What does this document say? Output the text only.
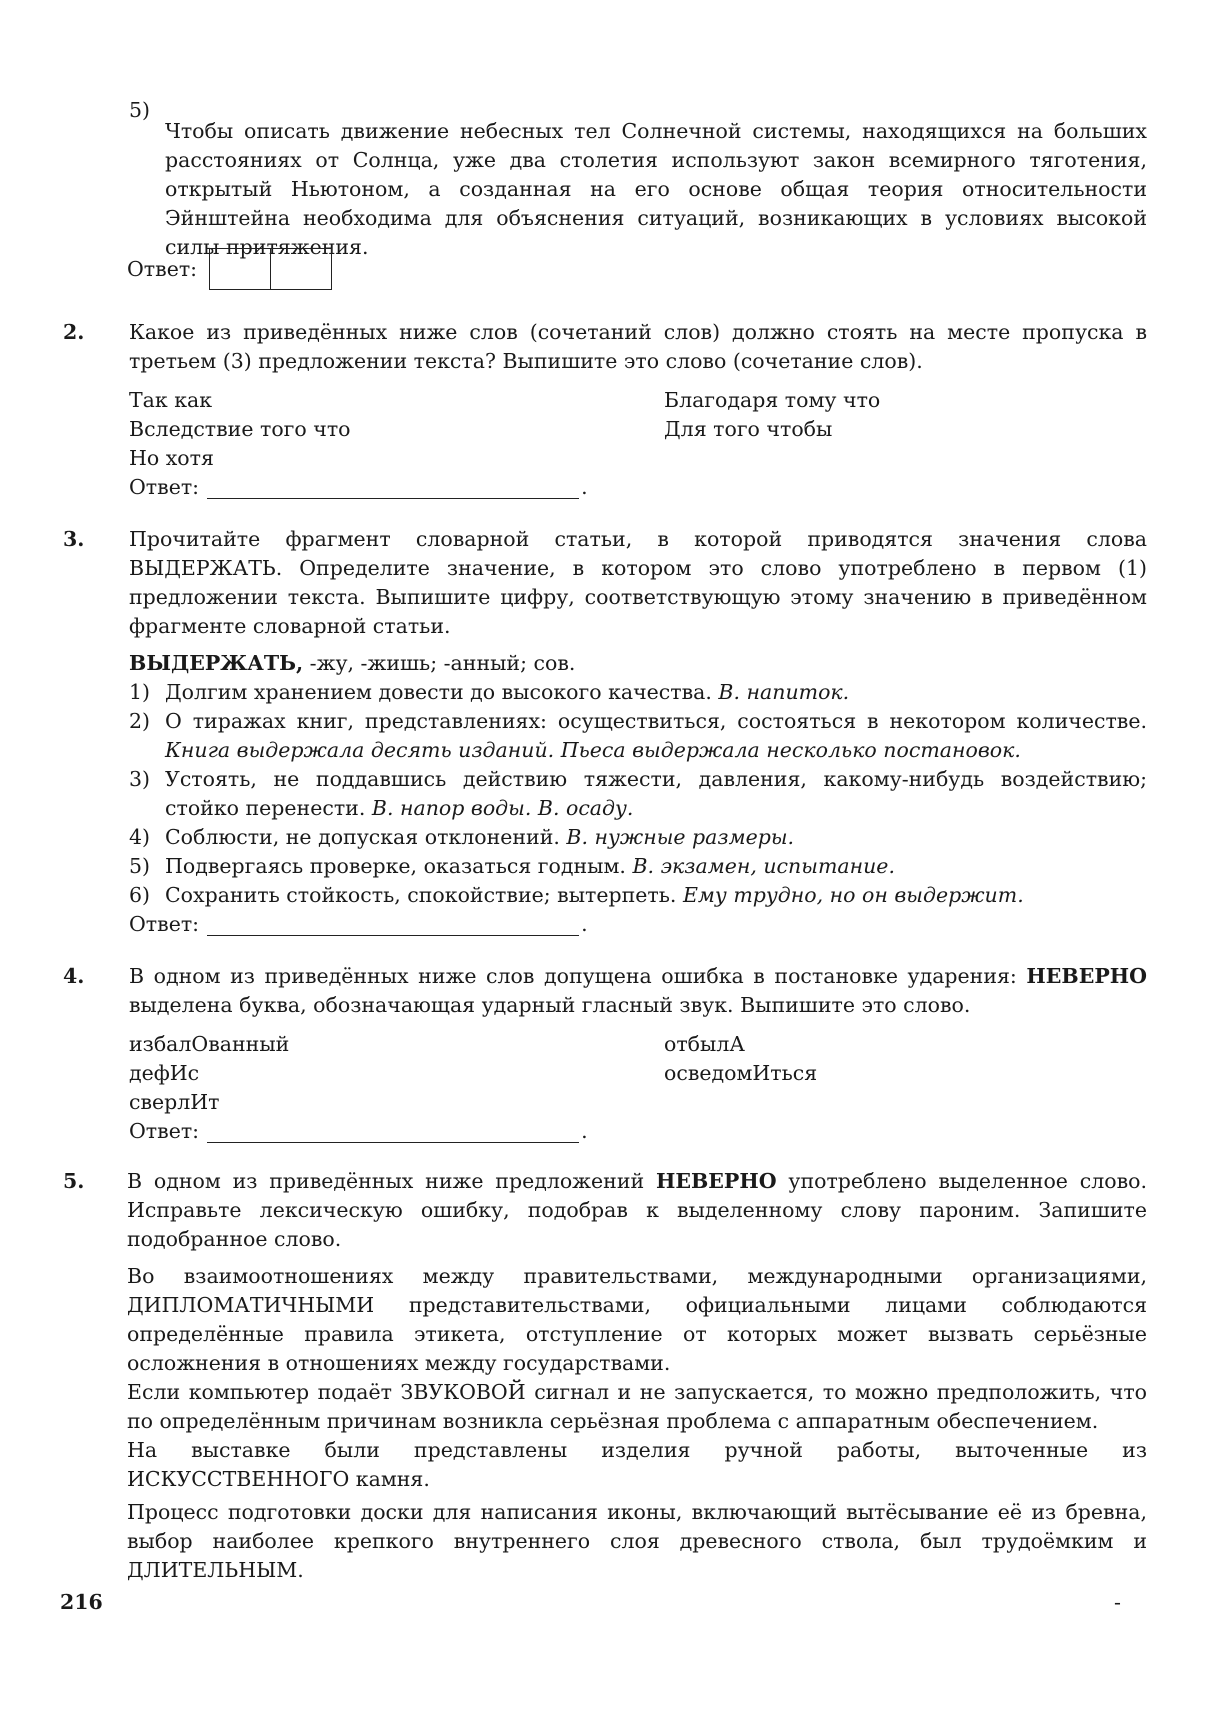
5)

Чтобы описать движение небесных тел Солнечной системы, находящихся на больших расстояниях от Солнца, уже два столетия используют закон всемирного тяготения, открытый Ньютоном, а созданная на его основе общая теория относительности Эйнштейна необходима для объяснения ситуаций, возникающих в условиях высокой силы притяжения.

Ответ:
2. Какое из приведённых ниже слов (сочетаний слов) должно стоять на месте пропуска в третьем (3) предложении текста? Выпишите это слово (сочетание слов).

Так как	Благодаря тому что
Вследствие того что	Для того чтобы
Но хотя
Ответ:	.
3. Прочитайте фрагмент словарной статьи, в которой приводятся значения слова ВЫДЕРЖАТЬ. Определите значение, в котором это слово употреблено в первом (1) предложении текста. Выпишите цифру, соответствующую этому значению в приведённом фрагменте словарной статьи.

ВЫДЕРЖАТЬ, -жу, -жишь; -анный; сов.
1) Долгим хранением довести до высокого качества. В. напиток.
2) О тиражах книг, представлениях: осуществиться, состояться в некотором количестве. Книга выдержала десять изданий. Пьеса выдержала несколько постановок.
3) Устоять, не поддавшись действию тяжести, давления, какому-нибудь воздействию; стойко перенести. В. напор воды. В. осаду.
4) Соблюсти, не допуская отклонений. В. нужные размеры.
5) Подвергаясь проверке, оказаться годным. В. экзамен, испытание.
6) Сохранить стойкость, спокойствие; вытерпеть. Ему трудно, но он выдержит.
Ответ:	.
4. В одном из приведённых ниже слов допущена ошибка в постановке ударения: НЕВЕРНО выделена буква, обозначающая ударный гласный звук. Выпишите это слово.

избалОванный	отбылА
дефИс	осведомИться
сверлИт
Ответ:	.
5. В одном из приведённых ниже предложений НЕВЕРНО употреблено выделенное слово. Исправьте лексическую ошибку, подобрав к выделенному слову пароним. Запишите подобранное слово.

Во взаимоотношениях между правительствами, международными организациями, ДИПЛОМАТИЧНЫМИ представительствами, официальными лицами соблюдаются определённые правила этикета, отступление от которых может вызвать серьёзные осложнения в отношениях между государствами.

Если компьютер подаёт ЗВУКОВОЙ сигнал и не запускается, то можно предположить, что по определённым причинам возникла серьёзная проблема с аппаратным обеспечением.

На выставке были представлены изделия ручной работы, выточенные из

ИСКУССТВЕННОГО камня.

Процесс подготовки доски для написания иконы, включающий вытёсывание её из бревна, выбор наиболее крепкого внутреннего слоя древесного ствола, был трудоёмким и ДЛИТЕЛЬНЫМ.

216	-
